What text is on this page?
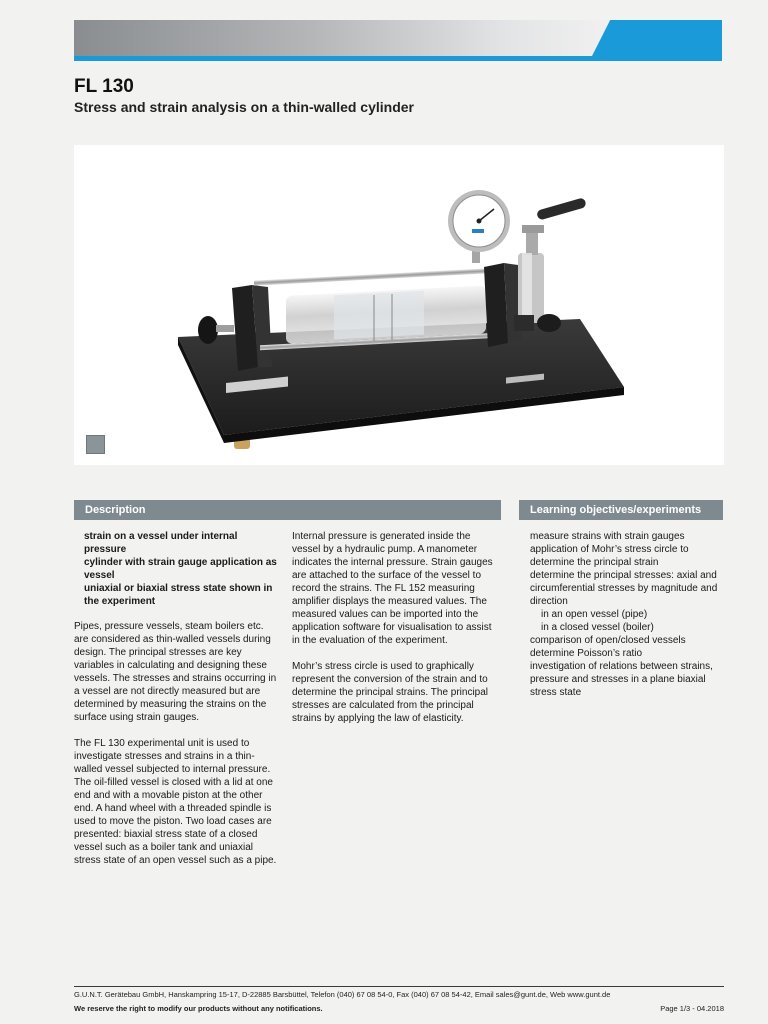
FL 130
Stress and strain analysis on a thin-walled cylinder
Description	Learning objectives/experiments
strain on a vessel under internal pressure
cylinder with strain gauge application as vessel
uniaxial or biaxial stress state shown in the experiment

Pipes, pressure vessels, steam boilers etc. are considered as thin-walled vessels during design. The principal stresses are key variables in calculating and designing these vessels. The stresses and strains occurring in a vessel are not directly measured but are determined by measuring the strains on the surface using strain gauges.

The FL 130 experimental unit is used to investigate stresses and strains in a thin-walled vessel subjected to internal pressure. The oil-filled vessel is closed with a lid at one end and with a movable piston at the other end. A hand wheel with a threaded spindle is used to move the piston. Two load cases are presented: biaxial stress state of a closed vessel such as a boiler tank and uniaxial stress state of an open vessel such as a pipe.

Internal pressure is generated inside the vessel by a hydraulic pump. A manometer indicates the internal pressure. Strain gauges are attached to the surface of the vessel to record the strains. The FL 152 measuring amplifier displays the measured values. The measured values can be imported into the application software for visualisation to assist in the evaluation of the experiment.

Mohr’s stress circle is used to graphically represent the conversion of the strain and to determine the principal strains. The principal stresses are calculated from the principal strains by applying the law of elasticity.

measure strains with strain gauges
application of Mohr’s stress circle to determine the principal strain
determine the principal stresses: axial and circumferential stresses by magnitude and direction
in an open vessel (pipe)
in a closed vessel (boiler)
comparison of open/closed vessels
determine Poisson’s ratio
investigation of relations between strains, pressure and stresses in a plane biaxial stress state
G.U.N.T. Gerätebau GmbH, Hanskampring 15-17, D-22885 Barsbüttel, Telefon (040) 67 08 54-0, Fax (040) 67 08 54-42, Email sales@gunt.de, Web www.gunt.de
We reserve the right to modify our products without any notifications.	Page 1/3 - 04.2018
